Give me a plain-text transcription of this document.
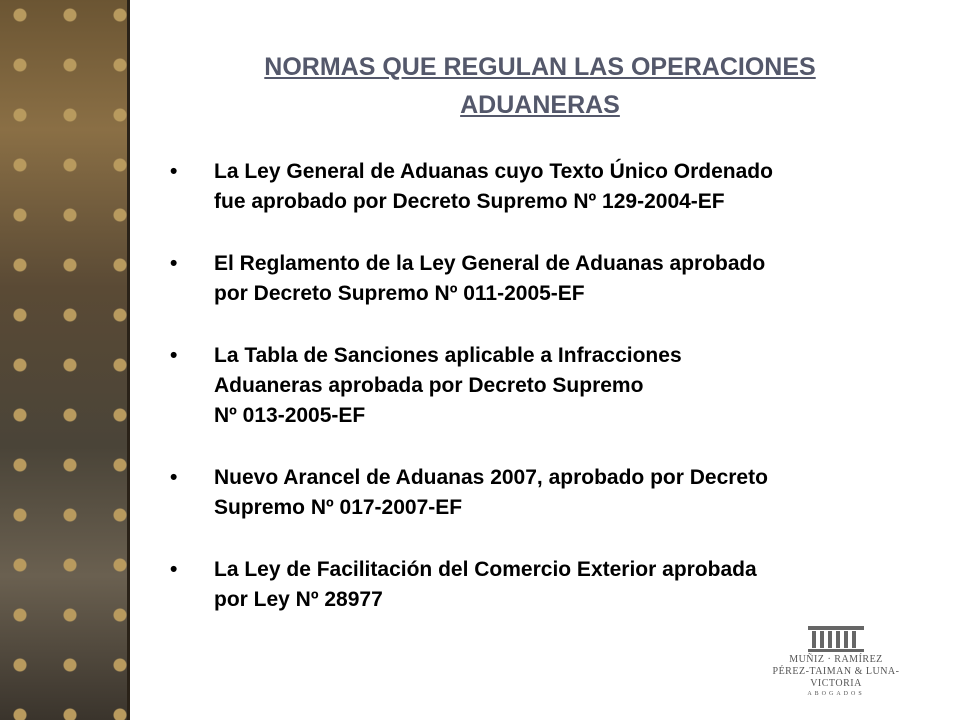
NORMAS QUE REGULAN LAS OPERACIONES
ADUANERAS
• La Ley General de Aduanas cuyo Texto Único Ordenado
fue aprobado por Decreto Supremo Nº 129-2004-EF
• El Reglamento de la Ley General de Aduanas aprobado
por Decreto Supremo Nº 011-2005-EF
• La Tabla de Sanciones aplicable a Infracciones
Aduaneras aprobada por Decreto Supremo
Nº 013-2005-EF
• Nuevo Arancel de Aduanas 2007, aprobado por Decreto
Supremo Nº 017-2007-EF
• La Ley de Facilitación del Comercio Exterior aprobada
por Ley Nº 28977
MUÑIZ · RAMÍREZ
PÉREZ-TAIMAN & LUNA-VICTORIA
ABOGADOS
